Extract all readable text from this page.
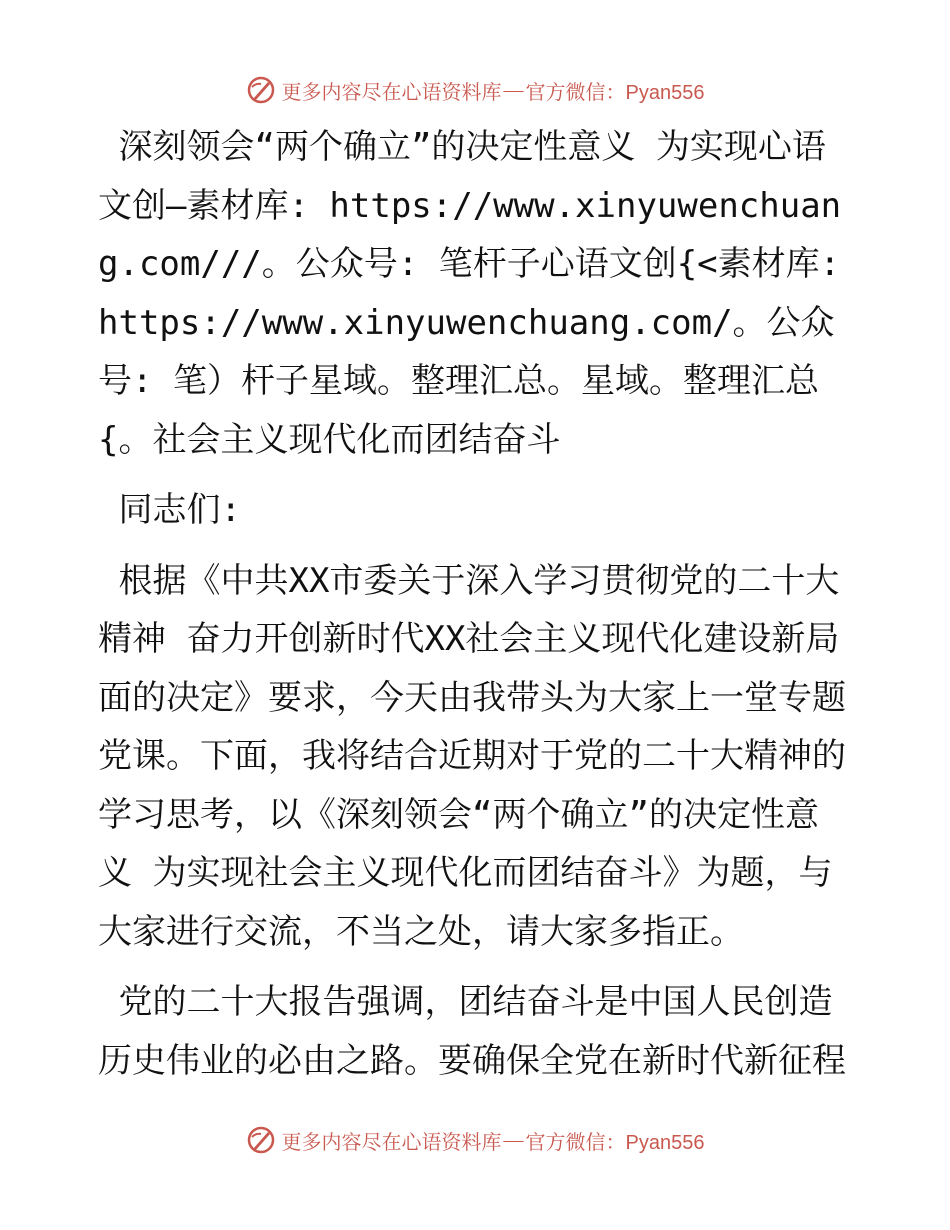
更多内容尽在心语资料库 — 官方微信：Pyan556

深刻领会“两个确立”的决定性意义 为实现心语文创—素材库: https://www.xinyuwenchuang.com///。公众号: 笔杆子心语文创{<素材库: https://www.xinyuwenchuang.com/。公众号: 笔）杆子星域。整理汇总。星域。整理汇总{。社会主义现代化而团结奋斗

同志们:

根据《中共XX市委关于深入学习贯彻党的二十大精神 奋力开创新时代XX社会主义现代化建设新局面的决定》要求，今天由我带头为大家上一堂专题党课。下面，我将结合近期对于党的二十大精神的学习思考，以《深刻领会“两个确立”的决定性意义 为实现社会主义现代化而团结奋斗》为题，与大家进行交流，不当之处，请大家多指正。

党的二十大报告强调，团结奋斗是中国人民创造历史伟业的必由之路。要确保全党在新时代新征程

更多内容尽在心语资料库 — 官方微信：Pyan556
